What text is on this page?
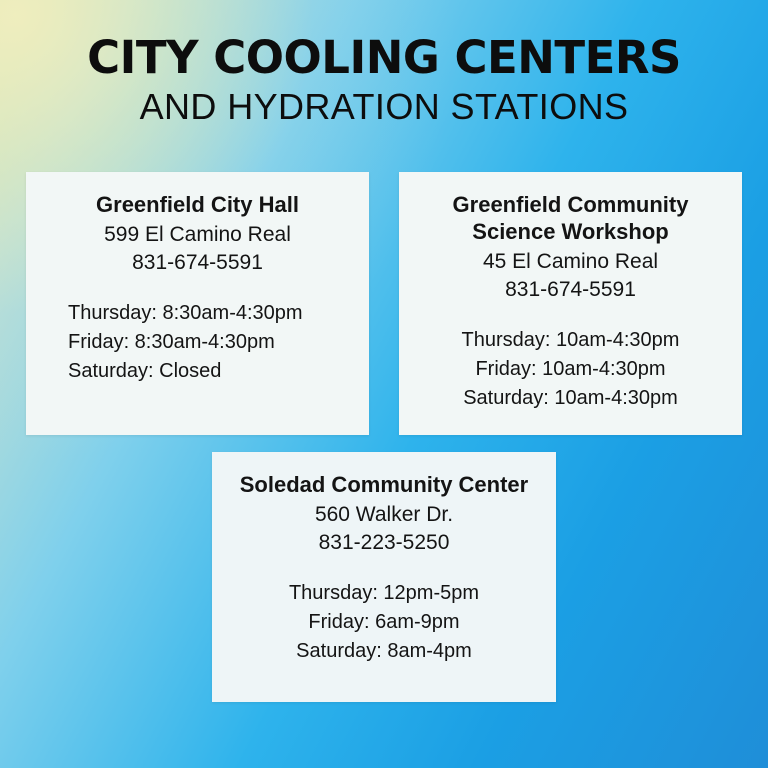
CITY COOLING CENTERS
AND HYDRATION STATIONS
Greenfield City Hall
599 El Camino Real
831-674-5591
Thursday: 8:30am-4:30pm
Friday: 8:30am-4:30pm
Saturday: Closed
Greenfield Community Science Workshop
45 El Camino Real
831-674-5591
Thursday: 10am-4:30pm
Friday: 10am-4:30pm
Saturday: 10am-4:30pm
Soledad Community Center
560 Walker Dr.
831-223-5250
Thursday: 12pm-5pm
Friday: 6am-9pm
Saturday: 8am-4pm
